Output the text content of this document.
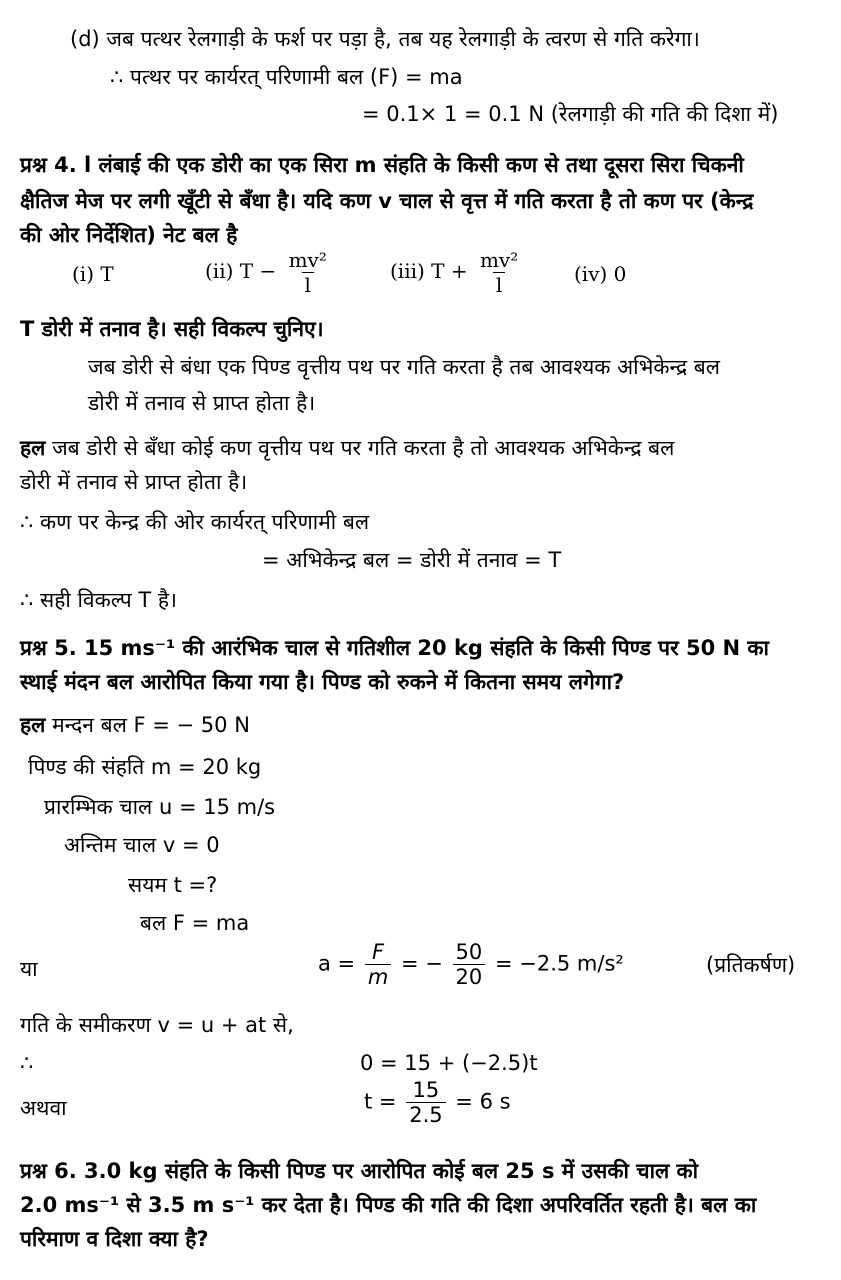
(d) जब पत्थर रेलगाड़ी के फर्श पर पड़ा है, तब यह रेलगाड़ी के त्वरण से गति करेगा।
∴ पत्थर पर कार्यरत् परिणामी बल (F) = ma
= 0.1× 1 = 0.1 N (रेलगाड़ी की गति की दिशा में)
प्रश्न 4. l लंबाई की एक डोरी का एक सिरा m संहति के किसी कण से तथा दूसरा सिरा चिकनी
क्षैतिज मेज पर लगी खूँटी से बँधा है। यदि कण v चाल से वृत्त में गति करता है तो कण पर (केन्द्र
की ओर निर्देशित) नेट बल है
(i) T	(ii) $T - \frac{\text{mv²}}{l}$	(iii) $T + \frac{\text{mv²}}{l}$	(iv) 0
T डोरी में तनाव है। सही विकल्प चुनिए।
जब डोरी से बंधा एक पिण्ड वृत्तीय पथ पर गति करता है तब आवश्यक अभिकेन्द्र बल
डोरी में तनाव से प्राप्त होता है।
हल जब डोरी से बँधा कोई कण वृत्तीय पथ पर गति करता है तो आवश्यक अभिकेन्द्र बल
डोरी में तनाव से प्राप्त होता है।
∴ कण पर केन्द्र की ओर कार्यरत् परिणामी बल
= अभिकेन्द्र बल = डोरी में तनाव = T
∴ सही विकल्प T है।
प्रश्न 5. 15 ms⁻¹ की आरंभिक चाल से गतिशील 20 kg संहति के किसी पिण्ड पर 50 N का
स्थाई मंदन बल आरोपित किया गया है। पिण्ड को रुकने में कितना समय लगेगा?
हल मन्दन बल F = − 50 N
पिण्ड की संहति m = 20 kg
प्रारम्भिक चाल u = 15 m/s
अन्तिम चाल v = 0
सयम t =?
बल F = ma
या	$a = \frac{F}{m}$ = − $\frac{50}{20} = -2.5$ m/s²	(प्रतिकर्षण)
गति के समीकरण v = u + at से,
∴	0 = 15 + (−2.5)t
अथवा	$t = \frac{15}{2.5} = 6$ s
प्रश्न 6. 3.0 kg संहति के किसी पिण्ड पर आरोपित कोई बल 25 s में उसकी चाल को
2.0 ms⁻¹ से 3.5 m s⁻¹ कर देता है। पिण्ड की गति की दिशा अपरिवर्तित रहती है। बल का
परिमाण व दिशा क्या है?
